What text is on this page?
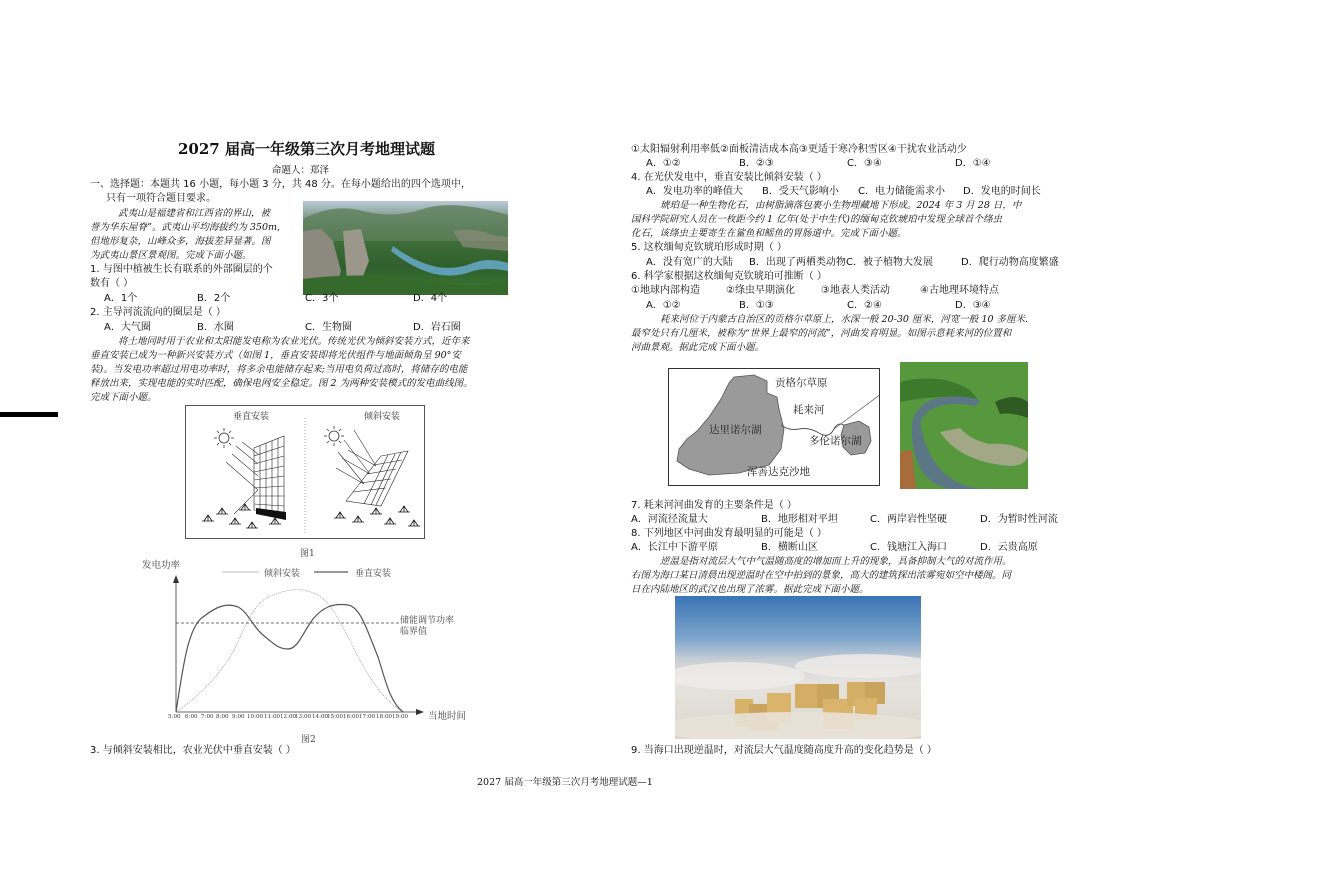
2027 届高一年级第三次月考地理试题
命题人：郑泽
一、选择题：本题共 16 小题，每小题 3 分，共 48 分。在每小题给出的四个选项中，
只有一项符合题目要求。
武夷山是福建省和江西省的界山，被
誉为华东屋脊”。武夷山平均海拔约为 350m,
但地形复杂，山峰众多，海拔差异显著。图
为武夷山景区景观图。完成下面小题。
1. 与图中植被生长有联系的外部圈层的个
数有（ ）
A．1个	B．2个	C．3个	D．4个
2. 主导河流流向的圈层是（ ）
A．大气圈	B．水圈	C．生物圈	D．岩石圈
将土地同时用于农业和太阳能发电称为农业光伏。传统光伏为倾斜安装方式，近年来
垂直安装已成为一种新兴安装方式（如图 1，垂直安装即将光伏组件与地面倾角呈 90°安
装)。当发电功率超过用电功率时，将多余电能储存起来;当用电负荷过高时，将储存的电能
释放出来，实现电能的实时匹配，确保电网安全稳定。图 2 为两种安装模式的发电曲线图。
完成下面小题。
垂直安装	倾斜安装
图1
发电功率
倾斜安装	垂直安装
储能调节功率
临界值
当地时间
5:00 6:00 7:00 8:00 9:00 10:00 11:00 12:00
13:00 14:00
15:00 16:00 17:00 18:00 19:00
图2
3. 与倾斜安装相比，农业光伏中垂直安装（ ）
①太阳辐射利用率低②面板清洁成本高③更适于寒冷积雪区④干扰农业活动少
A．①②	B．②③	C．③④	D．①④
4. 在光伏发电中，垂直安装比倾斜安装（ ）
A．发电功率的峰值大 B．受天气影响小 C．电力储能需求小 D．发电的时间长
琥珀是一种生物化石，由树脂滴落包裹小生物埋藏地下形成。2024 年 3 月 28 日，中
国科学院研究人员在一枚距今约 1 亿年(处于中生代)的缅甸克钦琥珀中发现全球首个绦虫
化石，该绦虫主要寄生在鲨鱼和鳐鱼的胃肠道中。完成下面小题。
5. 这枚缅甸克钦琥珀形成时期（ ）
A．没有宽广的大陆 B．出现了两栖类动物 C．被子植物大发展	D．爬行动物高度繁盛
6. 科学家根据这枚缅甸克钦琥珀可推断（ ）
①地球内部构造	②绦虫早期演化	③地表人类活动	④古地理环境特点
A．①②	B．①③	C．②④	D．③④
耗来河位于内蒙古自治区的贡格尔草原上，水深一般 20-30 厘米，河宽一般 10 多厘米.
最窄处只有几厘米，被称为“世界上最窄的河流”，河曲发育明显。如图示意耗来河的位置和
河曲景观。据此完成下面小题。
贡格尔草原
耗来河
达里诺尔湖
多伦诺尔湖
浑善达克沙地
7. 耗来河河曲发育的主要条件是（ ）
A．河流径流量大	B．地形相对平坦	C．两岸岩性坚硬	D．为暂时性河流
8. 下列地区中河曲发育最明显的可能是（ ）
A．长江中下游平原	B．横断山区	C．钱塘江入海口	D．云贵高原
逆温是指对流层大气中气温随高度的增加而上升的现象，具备抑制大气的对流作用。
右图为海口某日清晨出现逆温时在空中拍到的景象，高大的建筑探出浓雾宛如空中楼阁。同
日在内陆地区的武汉也出现了浓雾。据此完成下面小题。
9. 当海口出现逆温时，对流层大气温度随高度升高的变化趋势是（ ）
2027 届高一年级第三次月考地理试题—1
